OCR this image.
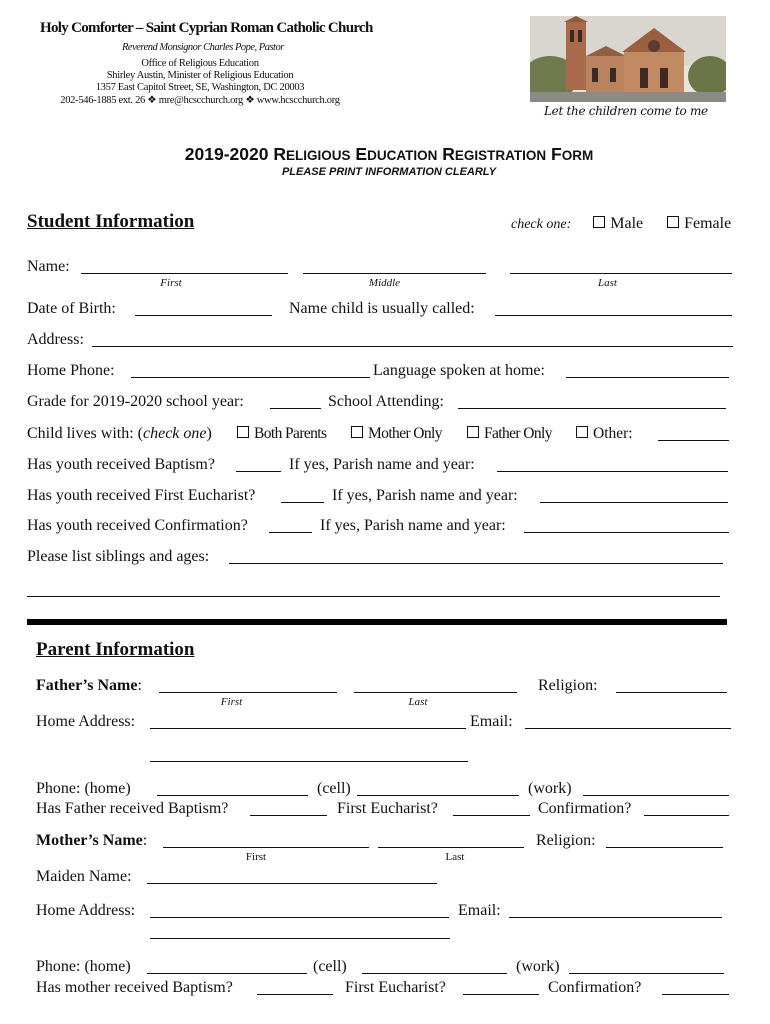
Holy Comforter – Saint Cyprian Roman Catholic Church
Reverend Monsignor Charles Pope, Pastor
Office of Religious Education
Shirley Austin, Minister of Religious Education
1357 East Capitol Street, SE, Washington, DC 20003
202-546-1885 ext. 26 ❖ mre@hcscchurch.org ❖ www.hcscchurch.org
Let the children come to me
2019-2020 RELIGIOUS EDUCATION REGISTRATION FORM
PLEASE PRINT INFORMATION CLEARLY
Student Information	check one: Male	Female
Name:
First	Middle	Last
Date of Birth:	Name child is usually called:
Address:
Home Phone:	Language spoken at home:
Grade for 2019-2020 school year:	School Attending:
Child lives with: (check one)	Both Parents	Mother Only	Father Only	Other:
Has youth received Baptism?	If yes, Parish name and year:
Has youth received First Eucharist?	If yes, Parish name and year:
Has youth received Confirmation?	If yes, Parish name and year:
Please list siblings and ages:
Parent Information
Father’s Name:	Religion:
First	Last
Home Address:	Email:
Phone: (home)	(cell)	(work)
Has Father received Baptism?	First Eucharist?	Confirmation?
Mother’s Name:	Religion:
First	Last
Maiden Name:
Home Address:	Email:
Phone: (home)	(cell)	(work)
Has mother received Baptism?	First Eucharist?	Confirmation?
